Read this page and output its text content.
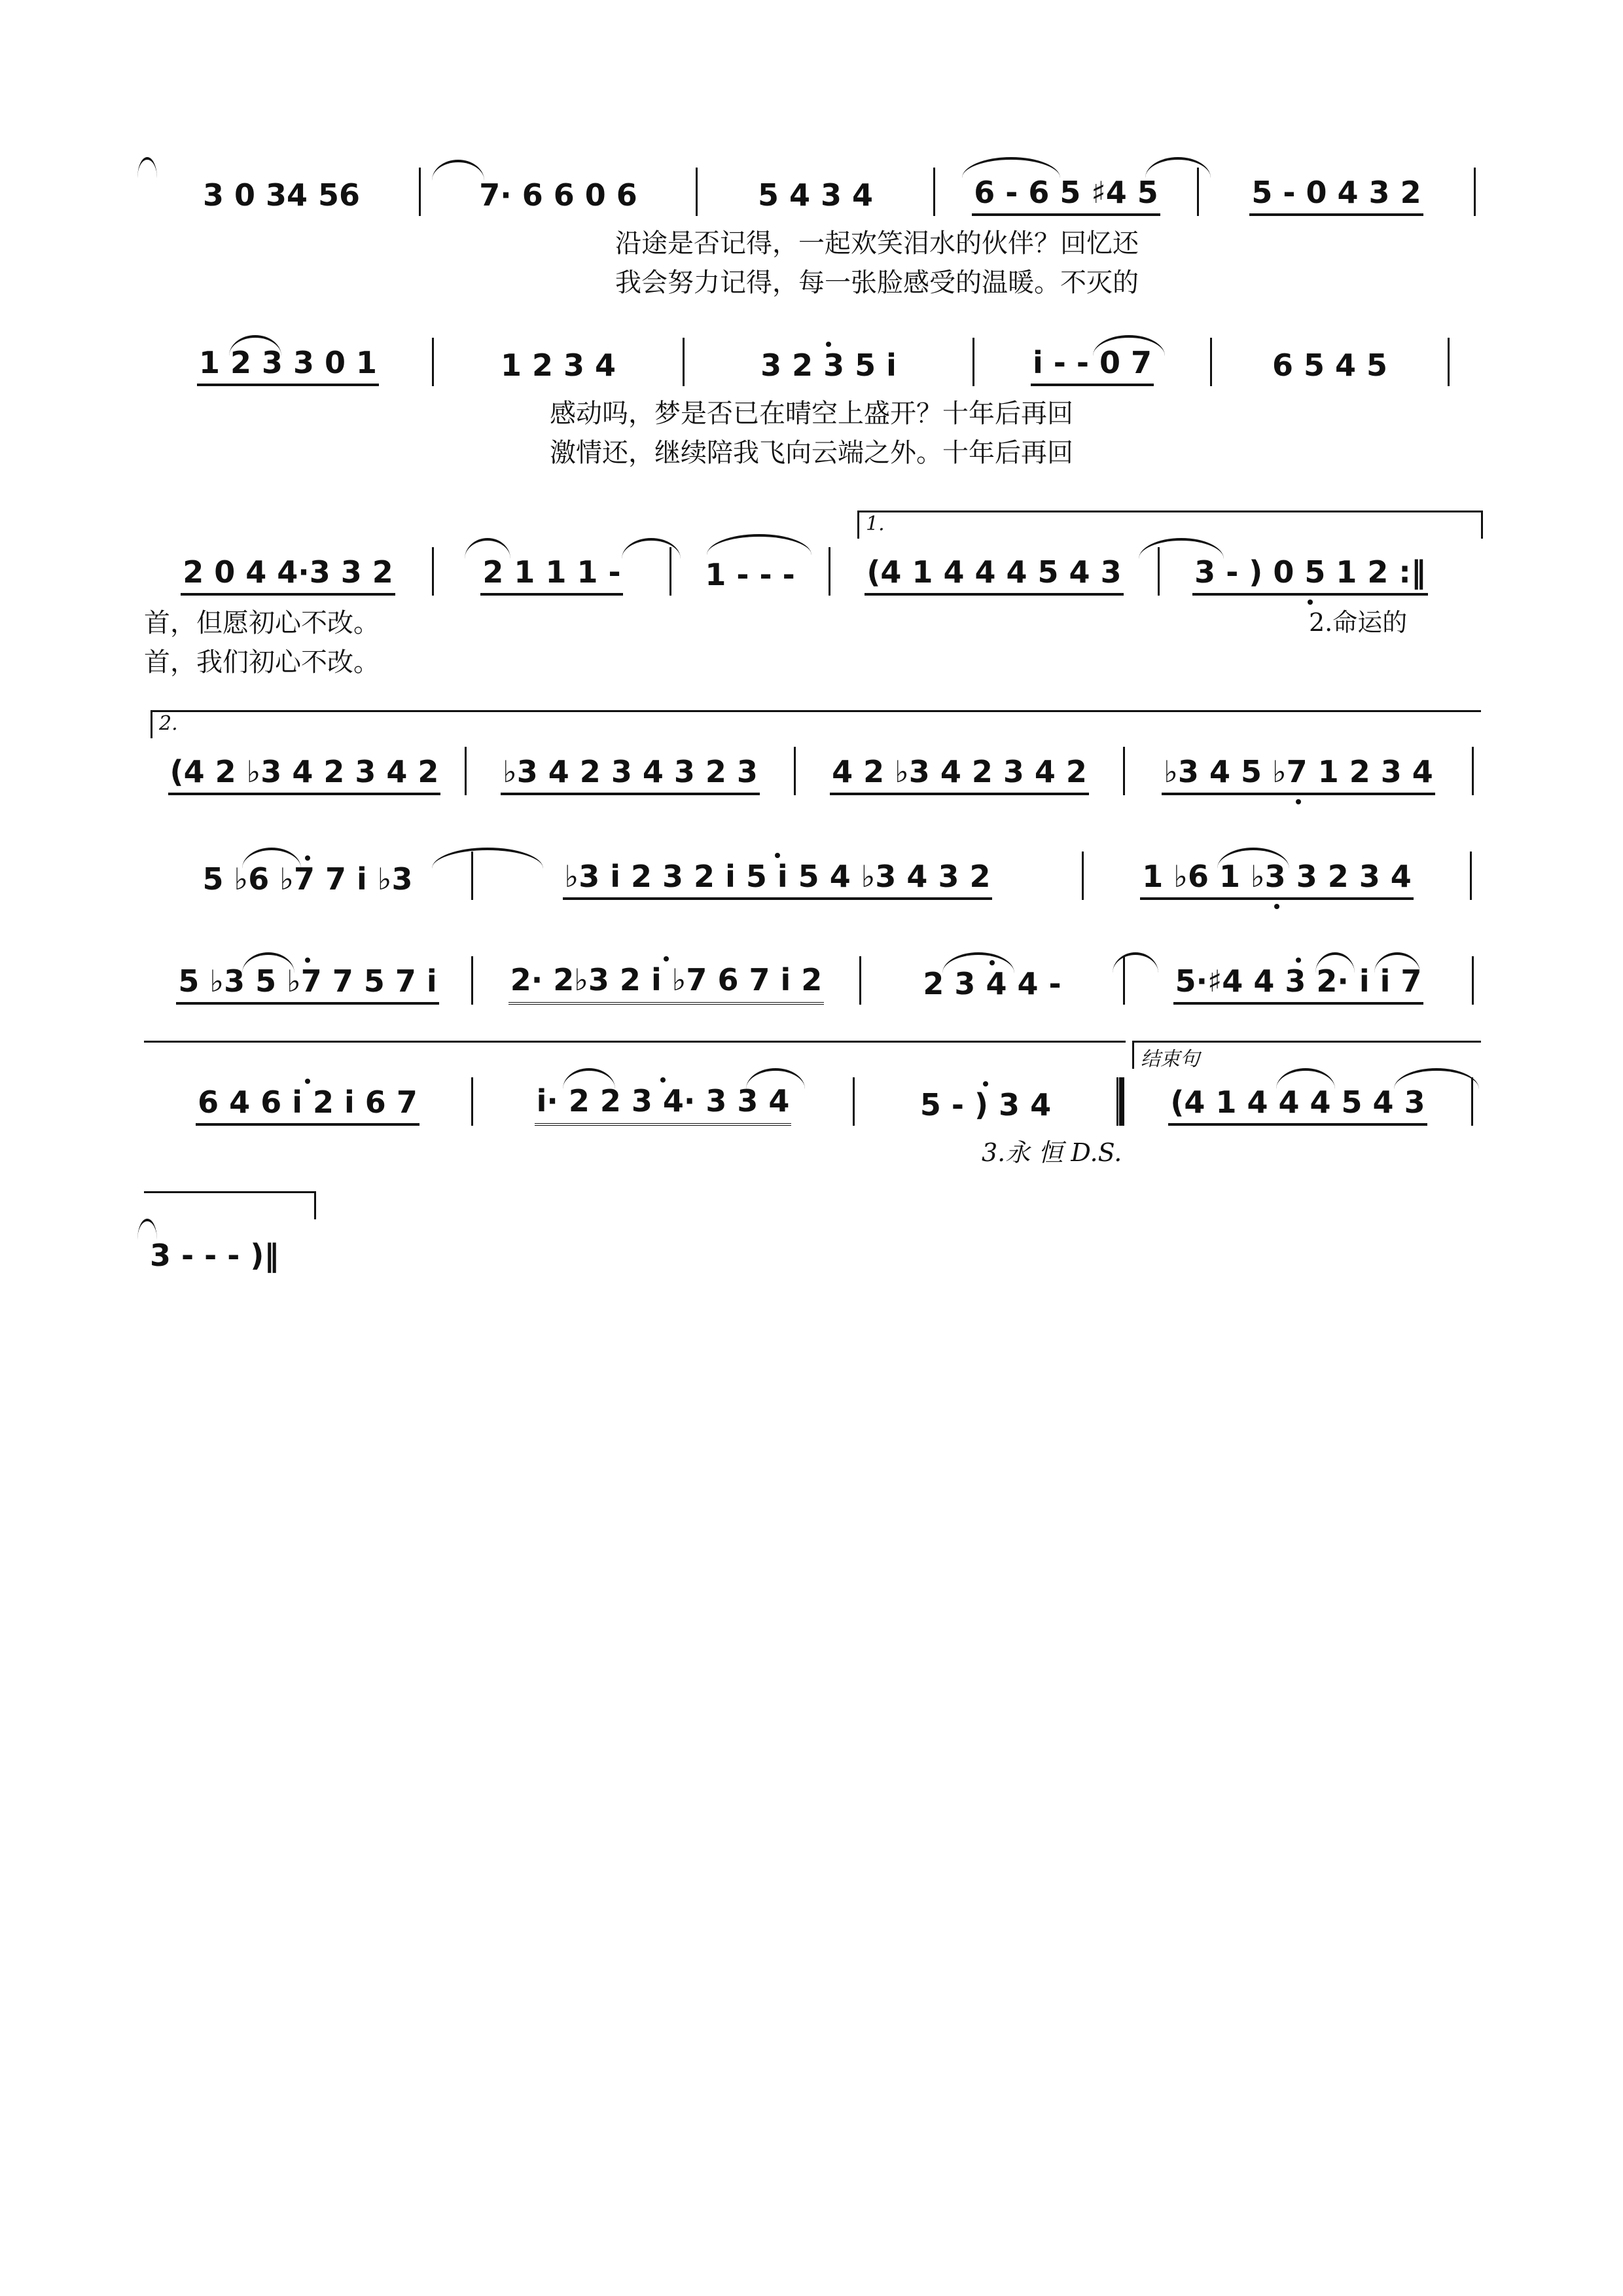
3 0 34 56	7· 6 6 0 6	5 4 3 4	6 - 6 5 ♯4 5	5 - 0 4 3 2
沿途是否记得，一起欢笑泪水的伙伴？回忆还
我会努力记得，每一张脸感受的温暖。不灭的
1 2 3 3 0 1	1 2 3 4	3 2 3 5 i	i - - 0 7	6 5 4 5
感动吗，梦是否已在晴空上盛开？十年后再回
激情还，继续陪我飞向云端之外。十年后再回
1.
2 0 4 4·3 3 2	2 1 1 1 -	1 - - - (4 1 4 4 4 5 4 3 3 - ) 0 5 1 2 :‖
首，但愿初心不改。	2.命运的
首，我们初心不改。
2.
(4 2 ♭3 4 2 3 4 2 ♭3 4 2 3 4 3 2 3 4 2 ♭3 4 2 3 4 2	♭3 4 5 ♭7 1 2 3 4
5 ♭6 ♭7 7 i ♭3	♭3 i 2 3 2 i 5 i 5 4 ♭3 4 3 2	1 ♭6 1 ♭3 3 2 3 4
5 ♭3 5 ♭7 7 5 7 i 2· 2♭3 2 i ♭7 6 7 i 2	2 3 4 4 -	5·♯4 4 3 2· i i 7
结束句
6 4 6 i 2 i 6 7	i· 2 2 3 4· 3 3 4	5 - ) 3 4	(4 1 4 4 4 5 4 3
3.永 恒 D.S.
3 - - - )‖
